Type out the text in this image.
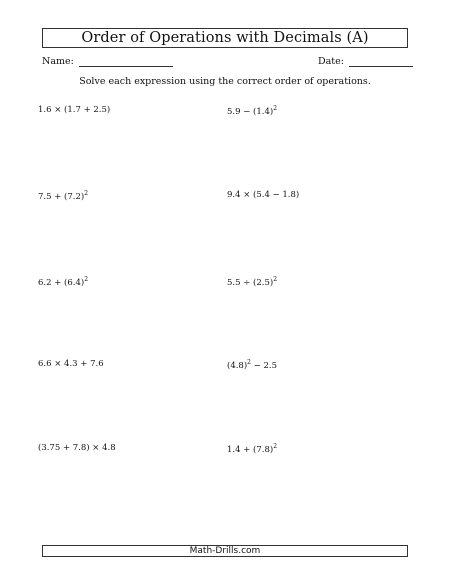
Order of Operations with Decimals (A)
Name:	Date:
Solve each expression using the correct order of operations.
1.6 × (1.7 + 2.5)	$5.9 - (1.4)^2$
$7.5 + (7.2)^2$	9.4 × (5.4 − 1.8)
$6.2 + (6.4)^2$	$5.5 \div (2.5)^2$
6.6 × 4.3 + 7.6	$(4.8)^2 - 2.5$
(3.75 + 7.8) × 4.8	$1.4 + (7.8)^2$
Math-Drills.com
